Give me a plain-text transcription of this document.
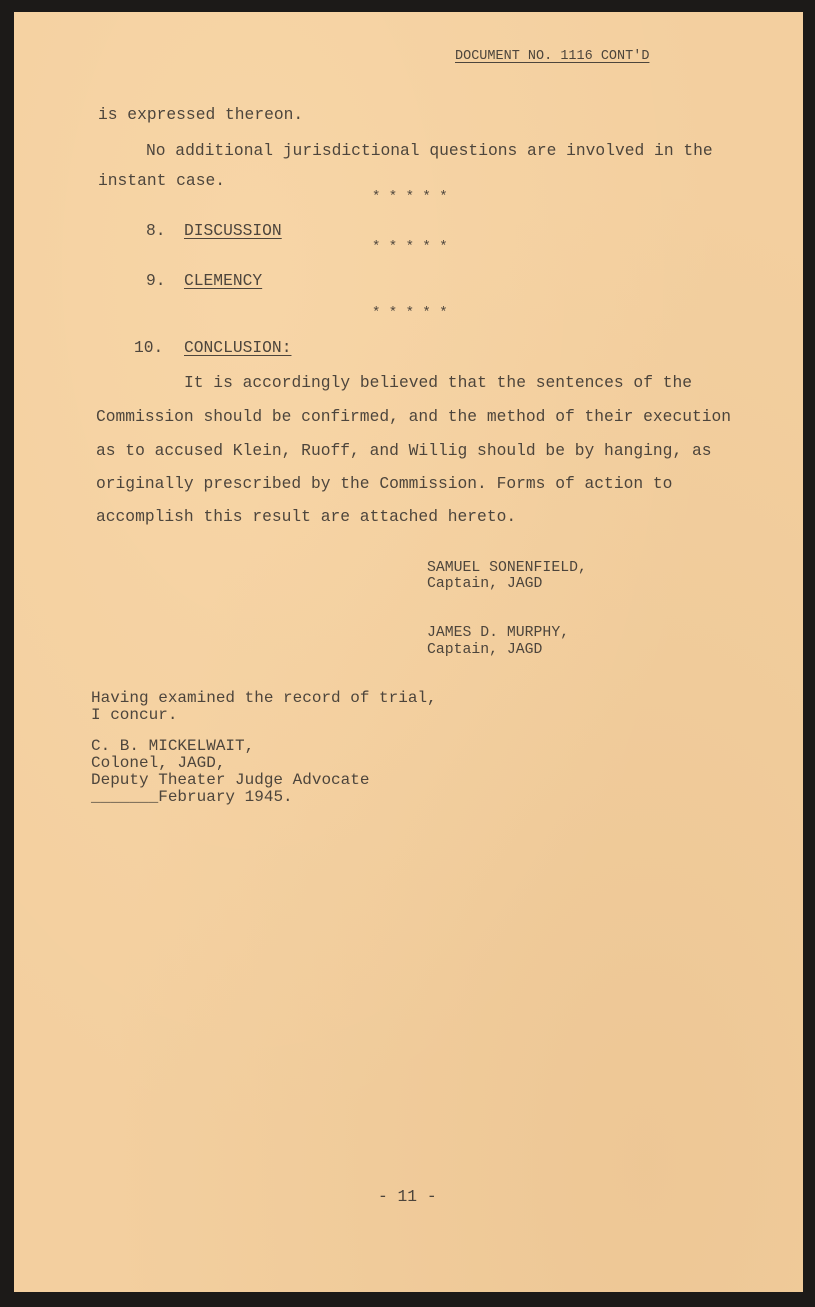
DOCUMENT NO. 1116 CONT'D
is expressed thereon.
No additional jurisdictional questions are involved in the
instant case.
* * * * *
8. DISCUSSION
* * * * *
9. CLEMENCY
* * * * *
10. CONCLUSION:
It is accordingly believed that the sentences of the
Commission should be confirmed, and the method of their execution
as to accused Klein, Ruoff, and Willig should be by hanging, as
originally prescribed by the Commission. Forms of action to
accomplish this result are attached hereto.
SAMUEL SONENFIELD,
Captain, JAGD
JAMES D. MURPHY,
Captain, JAGD
Having examined the record of trial,
I concur.
C. B. MICKELWAIT,
Colonel, JAGD,
Deputy Theater Judge Advocate
_______February 1945.
- 11 -
